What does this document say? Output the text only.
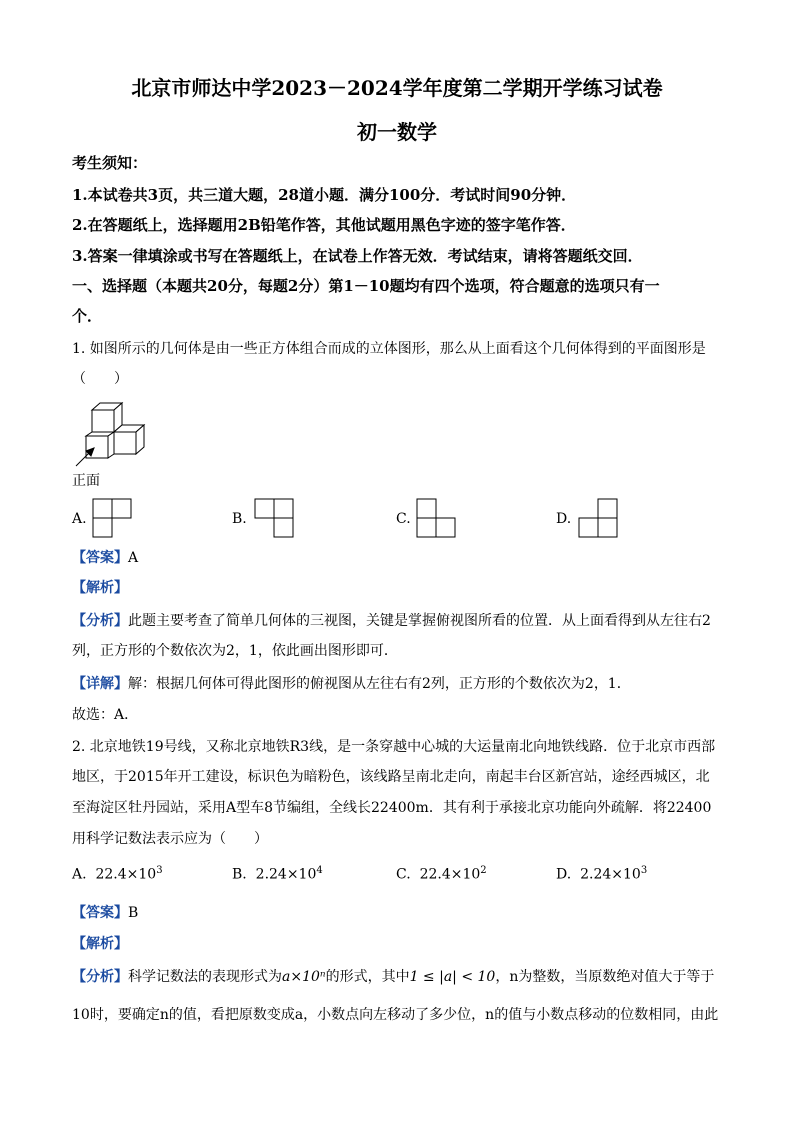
北京市师达中学2023－2024学年度第二学期开学练习试卷
初一数学
考生须知：
1.本试卷共3页，共三道大题，28道小题．满分100分．考试时间90分钟．
2.在答题纸上，选择题用2B铅笔作答，其他试题用黑色字迹的签字笔作答．
3.答案一律填涂或书写在答题纸上，在试卷上作答无效．考试结束，请将答题纸交回．
一、选择题（本题共20分，每题2分）第1－10题均有四个选项，符合题意的选项只有一
个．
1. 如图所示的几何体是由一些正方体组合而成的立体图形，那么从上面看这个几何体得到的平面图形是
（　　）
正面
A.	B.	C.	D.
【答案】A
【解析】
【分析】此题主要考查了简单几何体的三视图，关键是掌握俯视图所看的位置．从上面看得到从左往右2
列，正方形的个数依次为2，1，依此画出图形即可．
【详解】解：根据几何体可得此图形的俯视图从左往右有2列，正方形的个数依次为2，1．
故选：A．
2. 北京地铁19号线，又称北京地铁R3线，是一条穿越中心城的大运量南北向地铁线路．位于北京市西部
地区，于2015年开工建设，标识色为暗粉色，该线路呈南北走向，南起丰台区新宫站，途经西城区，北
至海淀区牡丹园站，采用A型车8节编组，全线长22400m．其有利于承接北京功能向外疏解．将22400
用科学记数法表示应为（　　）
A. $22.4\times 10^3$	B. $2.24\times 10^4$	C. $22.4\times 10^2$	D. $2.24\times 10^3$
【答案】B
【解析】
【分析】科学记数法的表现形式为a×10ⁿ的形式，其中1 ≤ |a| < 10，n为整数，当原数绝对值大于等于
10时，要确定n的值，看把原数变成a，小数点向左移动了多少位，n的值与小数点移动的位数相同，由此
